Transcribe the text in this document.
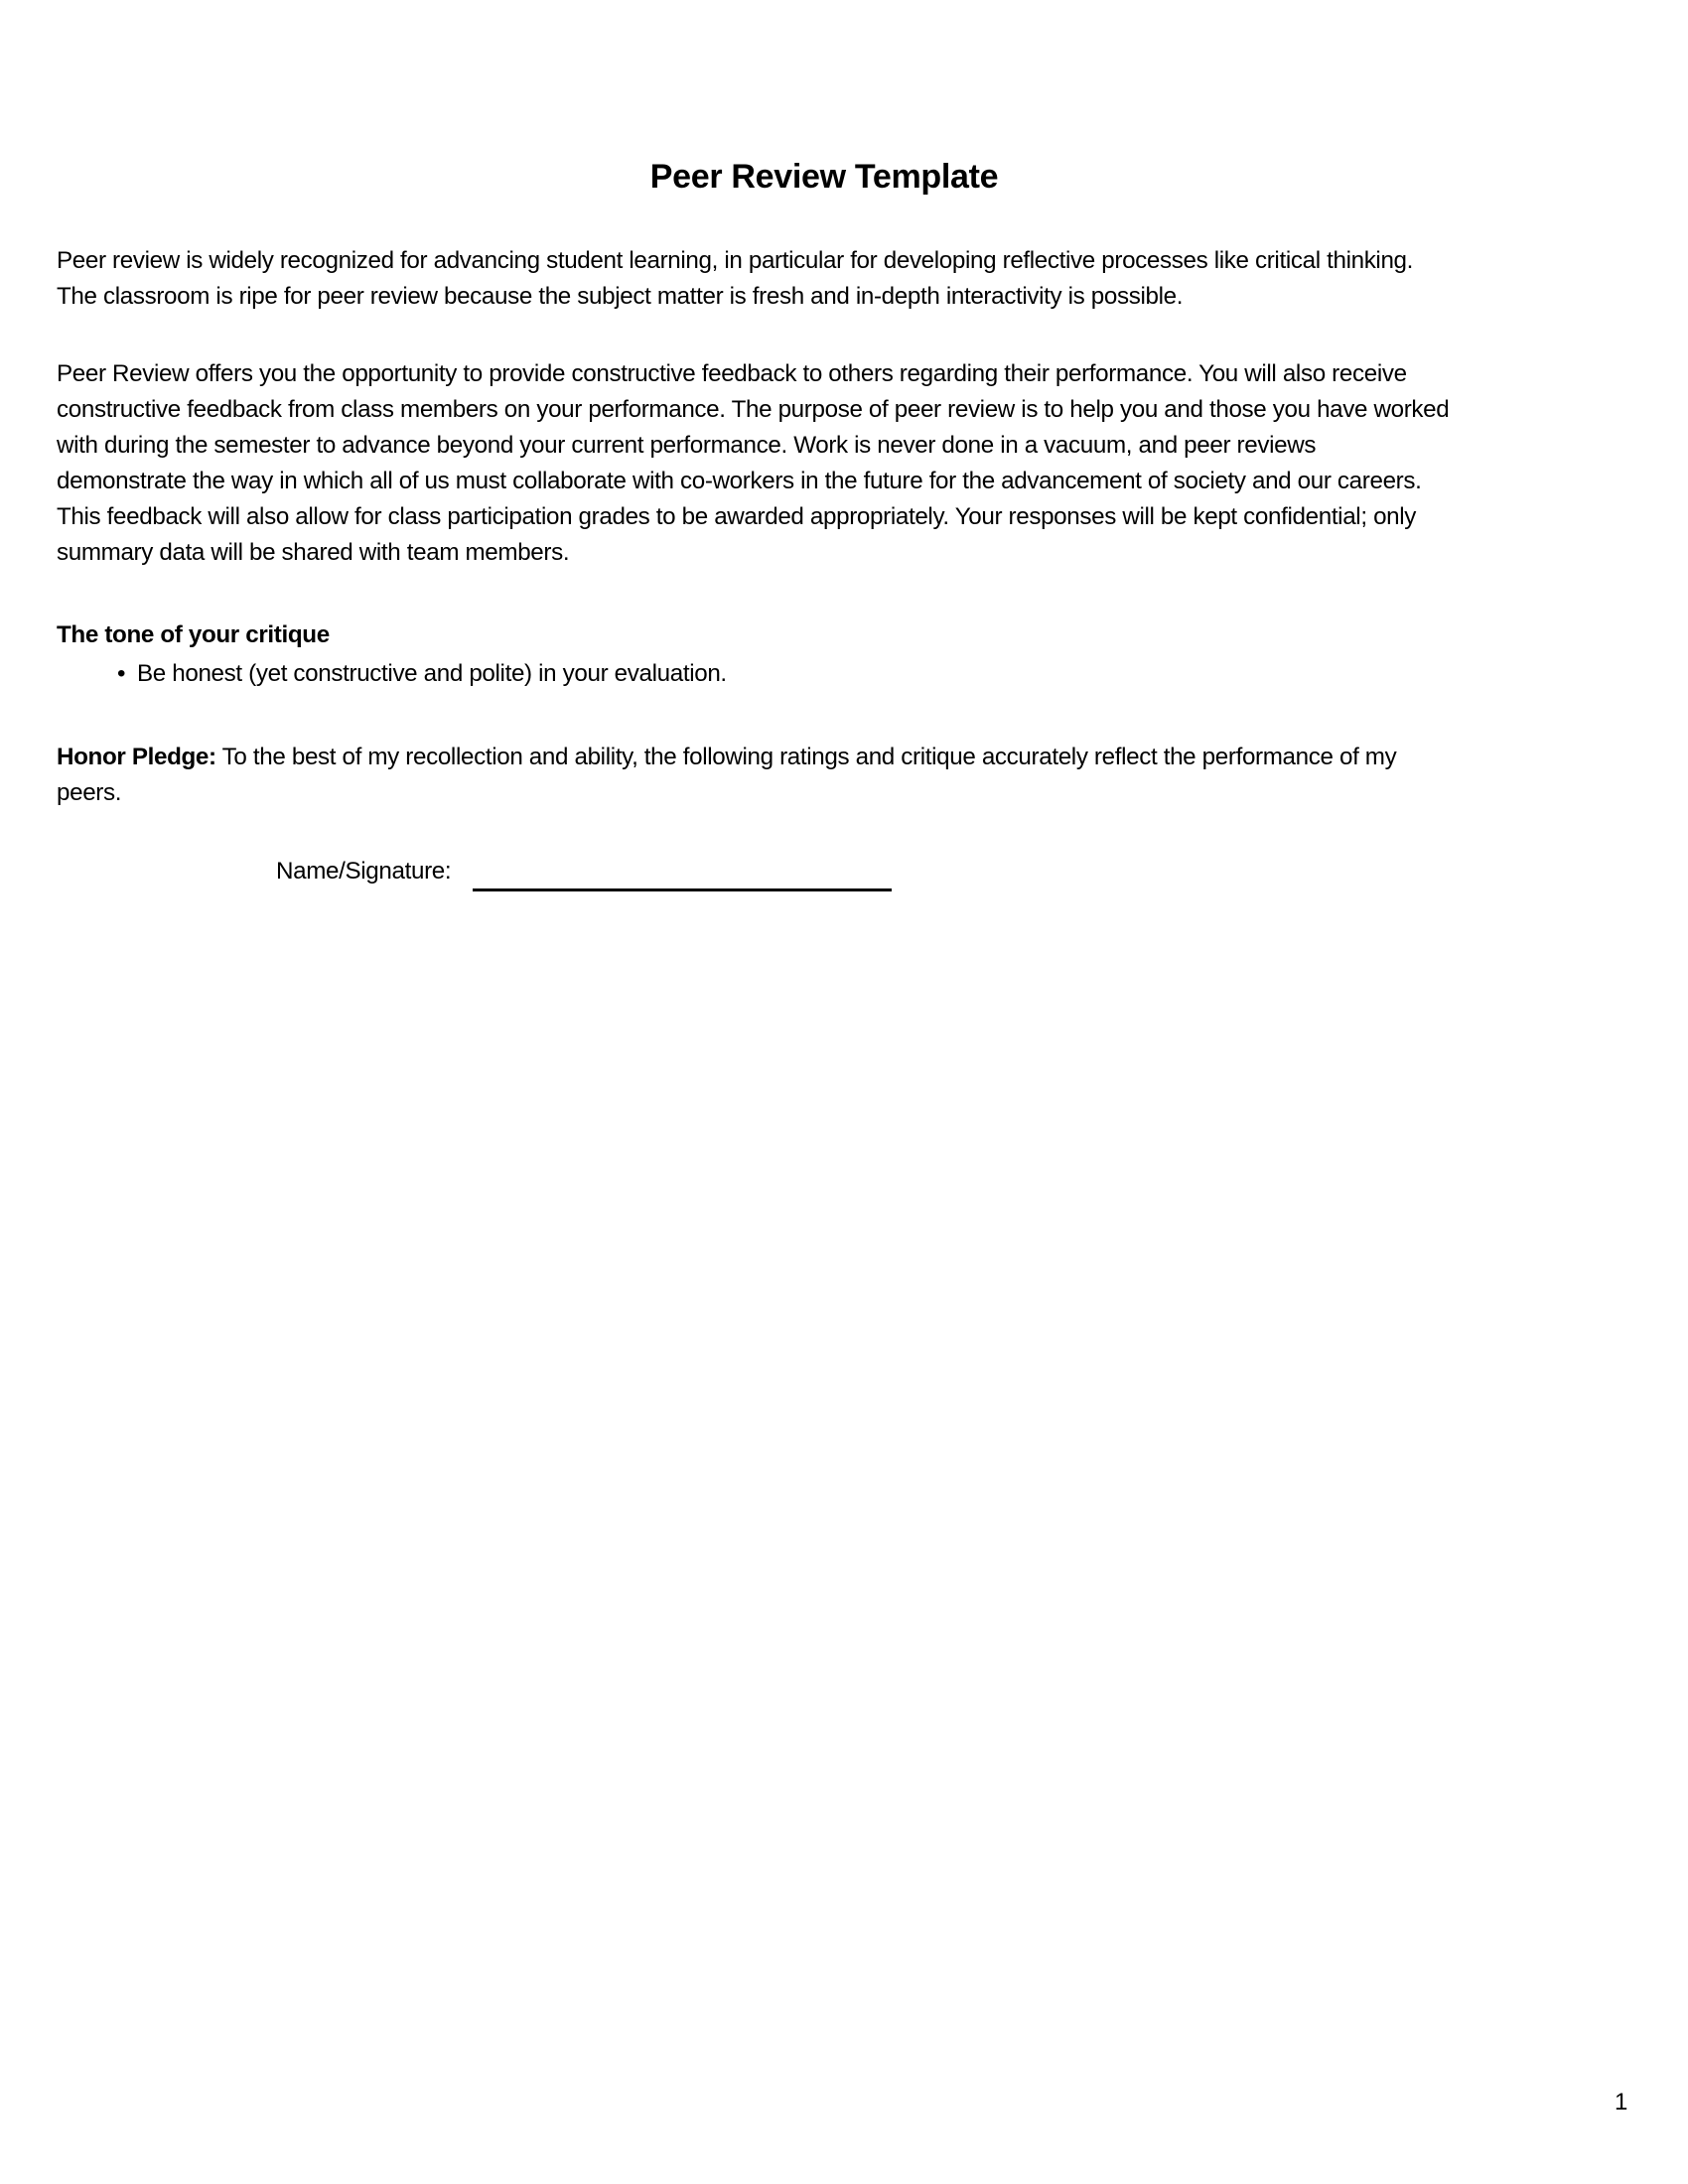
Peer Review Template
Peer review is widely recognized for advancing student learning, in particular for developing reflective processes like critical thinking.
The classroom is ripe for peer review because the subject matter is fresh and in-depth interactivity is possible.
Peer Review offers you the opportunity to provide constructive feedback to others regarding their performance. You will also receive
constructive feedback from class members on your performance. The purpose of peer review is to help you and those you have worked
with during the semester to advance beyond your current performance. Work is never done in a vacuum, and peer reviews
demonstrate the way in which all of us must collaborate with co-workers in the future for the advancement of society and our careers.
This feedback will also allow for class participation grades to be awarded appropriately. Your responses will be kept confidential; only
summary data will be shared with team members.
The tone of your critique
• Be honest (yet constructive and polite) in your evaluation.
Honor Pledge: To the best of my recollection and ability, the following ratings and critique accurately reflect the performance of my
peers.
Name/Signature:
1
